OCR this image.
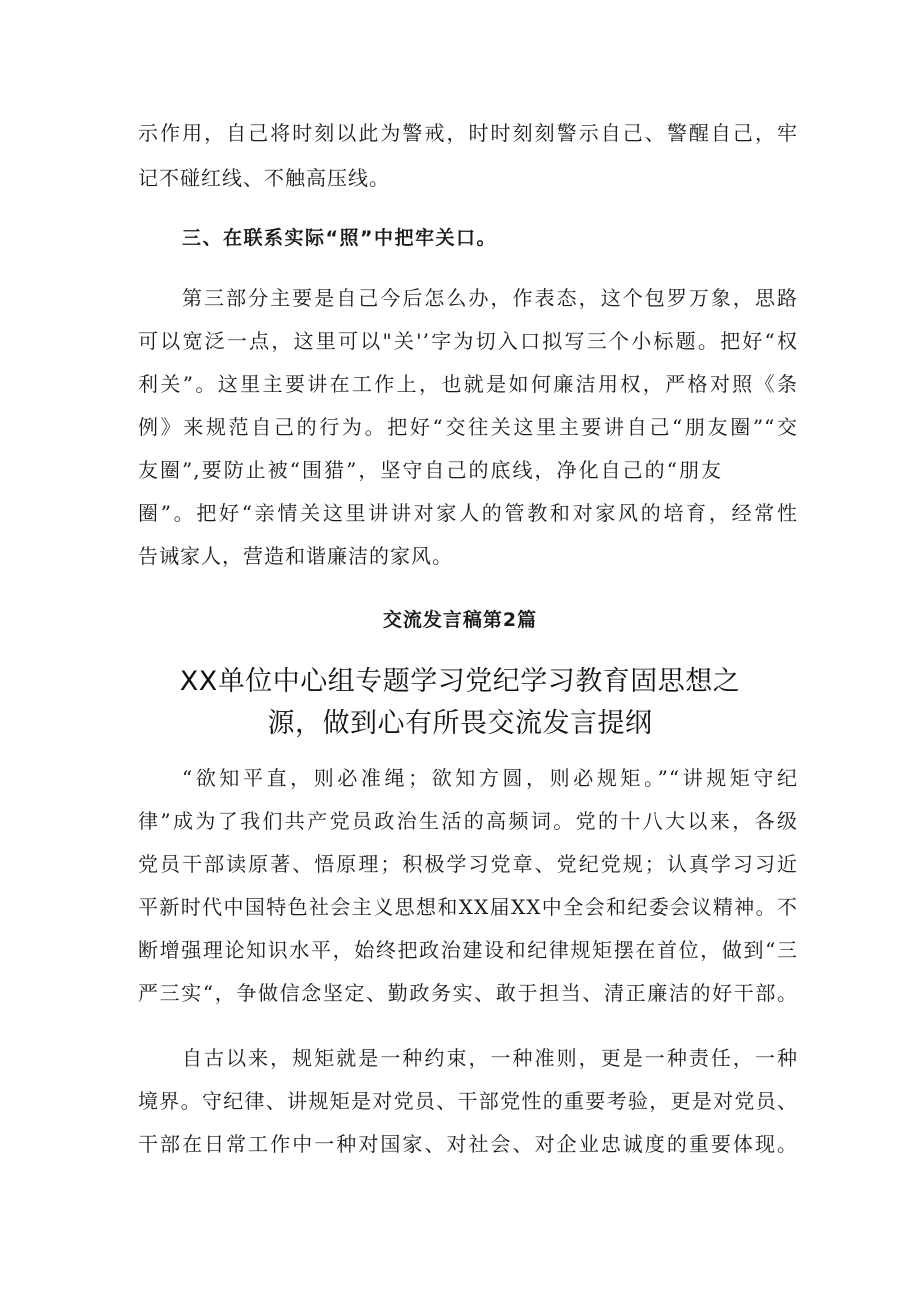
示作用，自己将时刻以此为警戒，时时刻刻警示自己、警醒自己，牢
记不碰红线、不触高压线。
三、在联系实际“照”中把牢关口。
第三部分主要是自己今后怎么办，作表态，这个包罗万象，思路
可以宽泛一点，这里可以"关'’字为切入口拟写三个小标题。把好“权
利关”。这里主要讲在工作上，也就是如何廉洁用权，严格对照《条
例》来规范自己的行为。把好“交往关这里主要讲自己“朋友圈”“交
友圈”,要防止被“围猎”，坚守自己的底线，净化自己的“朋友
圈”。把好“亲情关这里讲讲对家人的管教和对家风的培育，经常性
告诫家人，营造和谐廉洁的家风。
交流发言稿第2篇
XX单位中心组专题学习党纪学习教育固思想之
源，做到心有所畏交流发言提纲
“欲知平直，则必准绳；欲知方圆，则必规矩。”“讲规矩守纪
律”成为了我们共产党员政治生活的高频词。党的十八大以来，各级
党员干部读原著、悟原理；积极学习党章、党纪党规；认真学习习近
平新时代中国特色社会主义思想和XX届XX中全会和纪委会议精神。不
断增强理论知识水平，始终把政治建设和纪律规矩摆在首位，做到“三
严三实“，争做信念坚定、勤政务实、敢于担当、清正廉洁的好干部。
自古以来，规矩就是一种约束，一种准则，更是一种责任，一种
境界。守纪律、讲规矩是对党员、干部党性的重要考验，更是对党员、
干部在日常工作中一种对国家、对社会、对企业忠诚度的重要体现。
